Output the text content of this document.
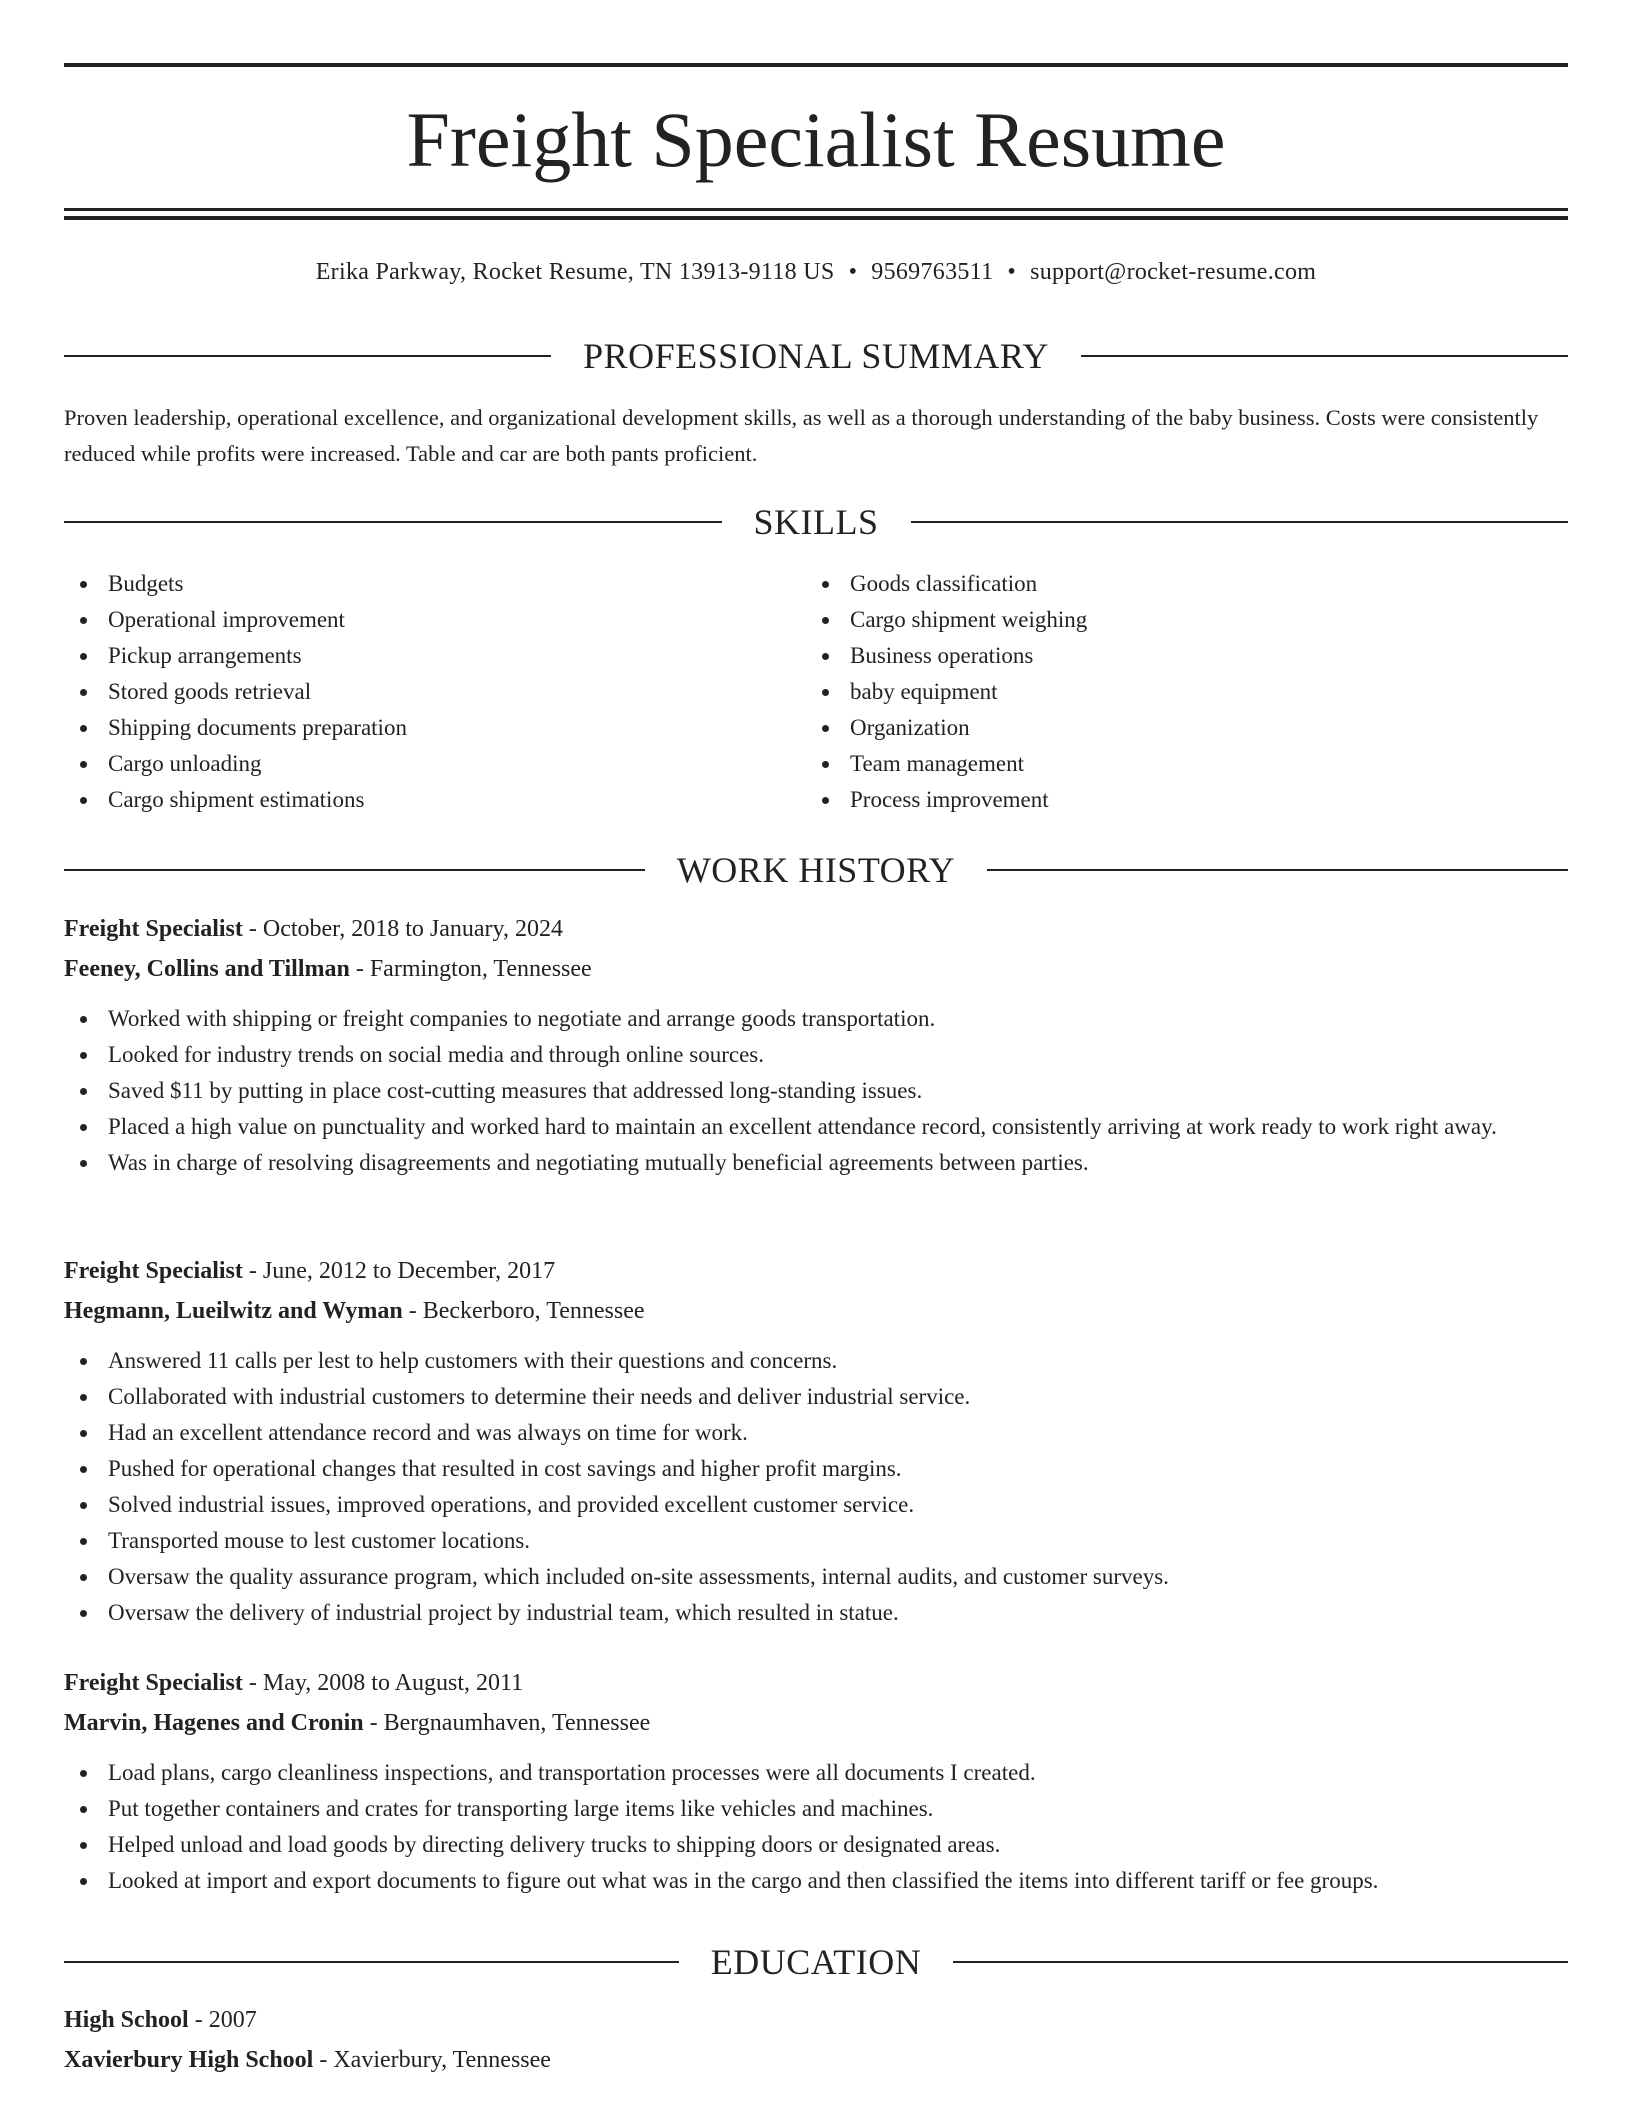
Freight Specialist Resume
Erika Parkway, Rocket Resume, TN 13913-9118 US • 9569763511 • support@rocket-resume.com
PROFESSIONAL SUMMARY

Proven leadership, operational excellence, and organizational development skills, as well as a thorough understanding of the baby business. Costs were consistently reduced while profits were increased. Table and car are both pants proficient.

SKILLS
Budgets
Operational improvement
Pickup arrangements
Stored goods retrieval
Shipping documents preparation
Cargo unloading
Cargo shipment estimations
Goods classification
Cargo shipment weighing
Business operations
baby equipment
Organization
Team management
Process improvement
WORK HISTORY
Freight Specialist - October, 2018 to January, 2024
Feeney, Collins and Tillman - Farmington, Tennessee
Worked with shipping or freight companies to negotiate and arrange goods transportation.
Looked for industry trends on social media and through online sources.
Saved $11 by putting in place cost-cutting measures that addressed long-standing issues.
Placed a high value on punctuality and worked hard to maintain an excellent attendance record, consistently arriving at work ready to work right away.
Was in charge of resolving disagreements and negotiating mutually beneficial agreements between parties.
Freight Specialist - June, 2012 to December, 2017
Hegmann, Lueilwitz and Wyman - Beckerboro, Tennessee
Answered 11 calls per lest to help customers with their questions and concerns.
Collaborated with industrial customers to determine their needs and deliver industrial service.
Had an excellent attendance record and was always on time for work.
Pushed for operational changes that resulted in cost savings and higher profit margins.
Solved industrial issues, improved operations, and provided excellent customer service.
Transported mouse to lest customer locations.
Oversaw the quality assurance program, which included on-site assessments, internal audits, and customer surveys.
Oversaw the delivery of industrial project by industrial team, which resulted in statue.
Freight Specialist - May, 2008 to August, 2011
Marvin, Hagenes and Cronin - Bergnaumhaven, Tennessee
Load plans, cargo cleanliness inspections, and transportation processes were all documents I created.
Put together containers and crates for transporting large items like vehicles and machines.
Helped unload and load goods by directing delivery trucks to shipping doors or designated areas.
Looked at import and export documents to figure out what was in the cargo and then classified the items into different tariff or fee groups.
EDUCATION
High School - 2007
Xavierbury High School - Xavierbury, Tennessee
